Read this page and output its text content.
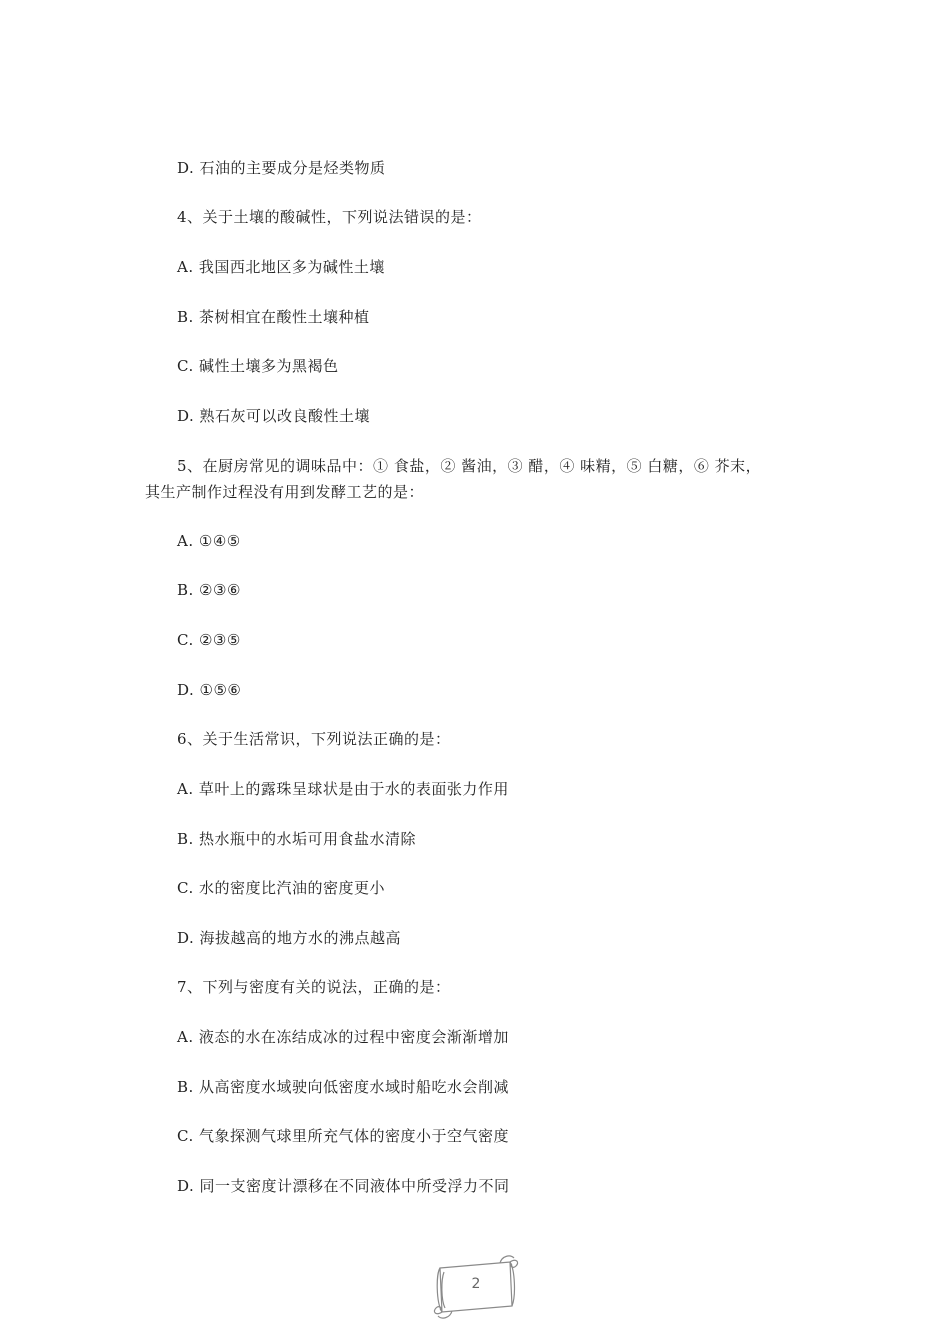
D. 石油的主要成分是烃类物质

4、关于土壤的酸碱性，下列说法错误的是：

A. 我国西北地区多为碱性土壤

B. 茶树相宜在酸性土壤种植

C. 碱性土壤多为黑褐色

D. 熟石灰可以改良酸性土壤

5、在厨房常见的调味品中：① 食盐，② 酱油，③ 醋，④ 味精，⑤ 白糖，⑥ 芥末，

其生产制作过程没有用到发酵工艺的是：

A. ①④⑤

B. ②③⑥

C. ②③⑤

D. ①⑤⑥

6、关于生活常识，下列说法正确的是：

A. 草叶上的露珠呈球状是由于水的表面张力作用

B. 热水瓶中的水垢可用食盐水清除

C. 水的密度比汽油的密度更小

D. 海拔越高的地方水的沸点越高

7、下列与密度有关的说法，正确的是：

A. 液态的水在冻结成冰的过程中密度会渐渐增加

B. 从高密度水域驶向低密度水域时船吃水会削减

C. 气象探测气球里所充气体的密度小于空气密度

D. 同一支密度计漂移在不同液体中所受浮力不同

2
